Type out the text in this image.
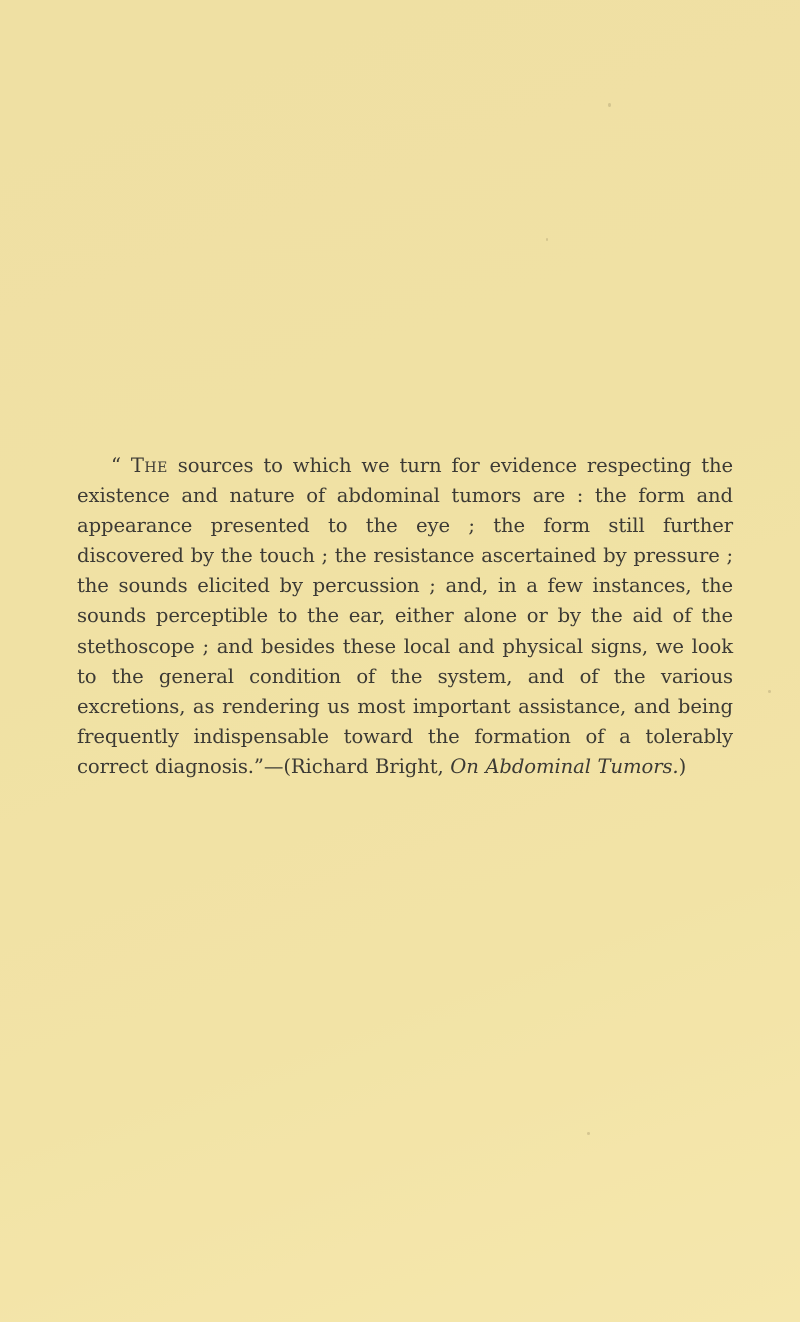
“ The sources to which we turn for evidence respecting the existence and nature of abdominal tumors are : the form and appearance presented to the eye ; the form still further discovered by the touch ; the resistance ascertained by pressure ; the sounds elicited by percussion ; and, in a few instances, the sounds perceptible to the ear, either alone or by the aid of the stethoscope ; and besides these local and physical signs, we look to the general condition of the system, and of the various excretions, as rendering us most important assistance, and being frequently indispensable toward the formation of a tolerably correct diagnosis.”—(Richard Bright, On Abdominal Tumors.)
